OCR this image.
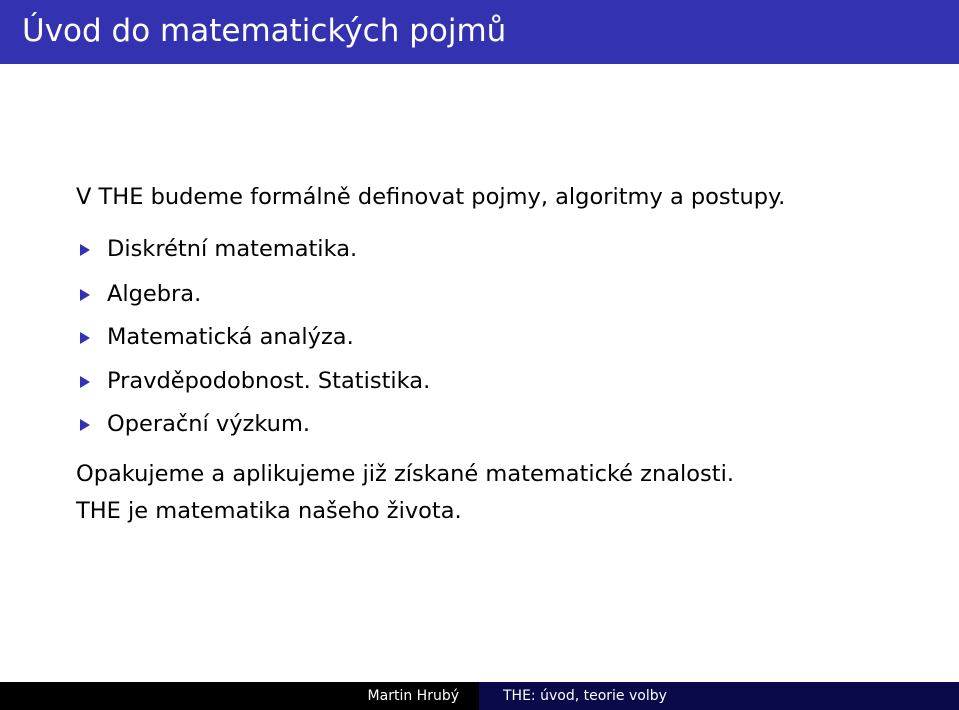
Úvod do matematických pojmů
V THE budeme formálně definovat pojmy, algoritmy a postupy.
Diskrétní matematika.
Algebra.
Matematická analýza.
Pravděpodobnost. Statistika.
Operační výzkum.
Opakujeme a aplikujeme již získané matematické znalosti.
THE je matematika našeho života.
Martin Hrubý	THE: úvod, teorie volby
